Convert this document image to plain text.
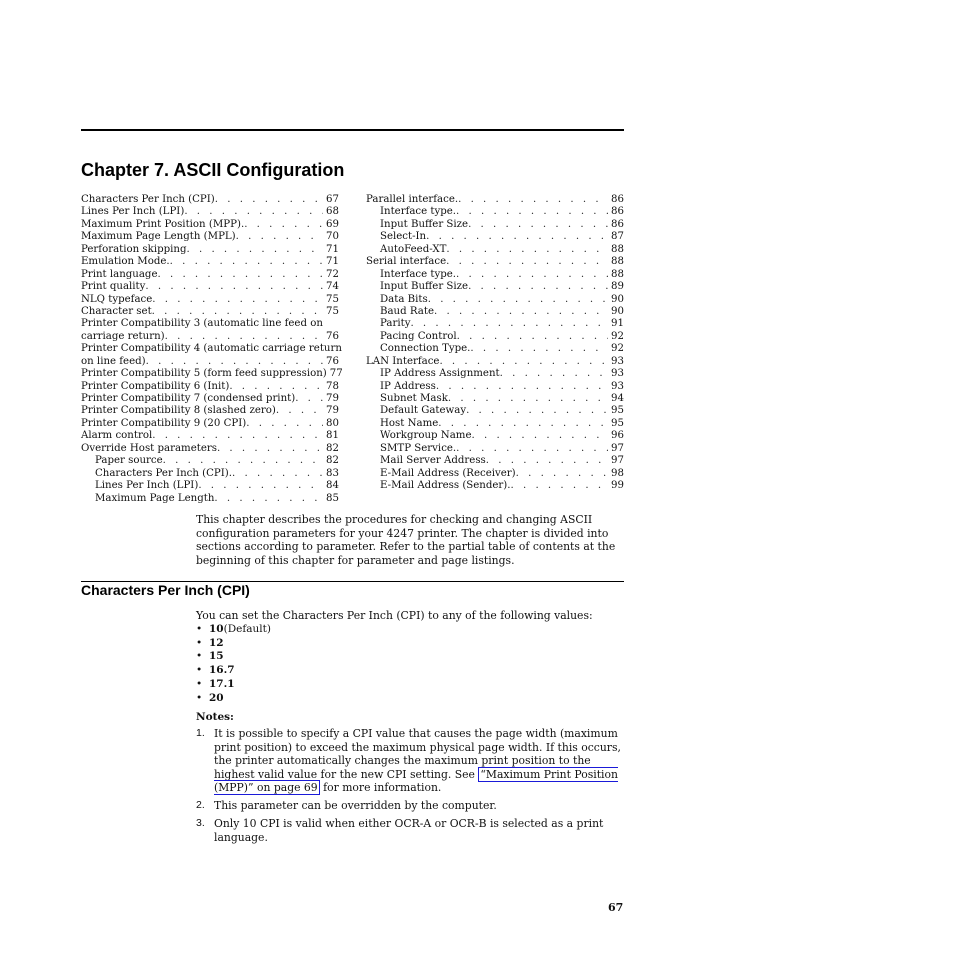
Chapter 7. ASCII Configuration
Characters Per Inch (CPI) . . .	67
Lines Per Inch (LPI) . . .	68
Maximum Print Position (MPP). . . .	69
Maximum Page Length (MPL) . . .	70
Perforation skipping . . .	71
Emulation Mode. . . .	71
Print language . . .	72
Print quality . . .	74
NLQ typeface . . .	75
Character set . . .	75
Printer Compatibility 3 (automatic line feed on
carriage return) . . .	76
Printer Compatibility 4 (automatic carriage return
on line feed) . . .	76
Printer Compatibility 5 (form feed suppression) 77
Printer Compatibility 6 (Init) . . .	78
Printer Compatibility 7 (condensed print) . . .	79
Printer Compatibility 8 (slashed zero) . . .	79
Printer Compatibility 9 (20 CPI) . . .	80
Alarm control . . .	81
Override Host parameters . . .	82
Paper source . . .	82
Characters Per Inch (CPI). . . .	83
Lines Per Inch (LPI) . . .	84
Maximum Page Length . . .	85
Parallel interface. . . .	86
Interface type. . . .	86
Input Buffer Size . . .	86
Select-In . . .	87
AutoFeed-XT . . .	88
Serial interface . . .	88
Interface type. . . .	88
Input Buffer Size . . .	89
Data Bits . . .	90
Baud Rate . . .	90
Parity . . .	91
Pacing Control . . .	92
Connection Type. . . .	92
LAN Interface . . .	93
IP Address Assignment . . .	93
IP Address . . .	93
Subnet Mask . . .	94
Default Gateway . . .	95
Host Name . . .	95
Workgroup Name . . .	96
SMTP Service. . . .	97
Mail Server Address . . .	97
E-Mail Address (Receiver) . . .	98
E-Mail Address (Sender). . . .	99

This chapter describes the procedures for checking and changing ASCII configuration parameters for your 4247 printer. The chapter is divided into sections according to parameter. Refer to the partial table of contents at the beginning of this chapter for parameter and page listings.

Characters Per Inch (CPI)

You can set the Characters Per Inch (CPI) to any of the following values:

• 10 (Default)
• 12
• 15
• 16.7
• 17.1
• 20

Notes:

1. It is possible to specify a CPI value that causes the page width (maximum print position) to exceed the maximum physical page width. If this occurs, the printer automatically changes the maximum print position to the highest valid value for the new CPI setting. See “Maximum Print Position (MPP)” on page 69 for more information.
2. This parameter can be overridden by the computer.
3. Only 10 CPI is valid when either OCR-A or OCR-B is selected as a print language.

67
